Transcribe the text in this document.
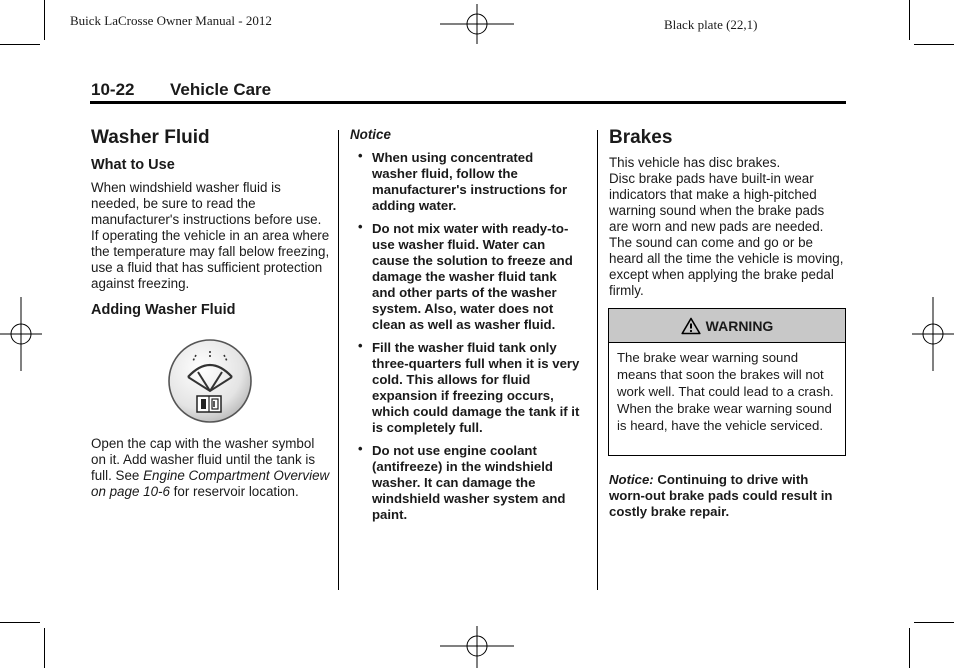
Buick LaCrosse Owner Manual - 2012	Black plate (22,1)
10-22 Vehicle Care
Washer Fluid
What to Use

When windshield washer fluid is needed, be sure to read the manufacturer's instructions before use. If operating the vehicle in an area where the temperature may fall below freezing, use a fluid that has sufficient protection against freezing.

Adding Washer Fluid

Open the cap with the washer symbol on it. Add washer fluid until the tank is full. See Engine Compartment Overview on page 10-6 for reservoir location.

Notice
• When using concentrated washer fluid, follow the manufacturer's instructions for adding water.
• Do not mix water with ready-to-use washer fluid. Water can cause the solution to freeze and damage the washer fluid tank and other parts of the washer system. Also, water does not clean as well as washer fluid.
• Fill the washer fluid tank only three-quarters full when it is very cold. This allows for fluid expansion if freezing occurs, which could damage the tank if it is completely full.
• Do not use engine coolant (antifreeze) in the windshield washer. It can damage the windshield washer system and paint.
Brakes

This vehicle has disc brakes.

Disc brake pads have built-in wear indicators that make a high-pitched warning sound when the brake pads are worn and new pads are needed. The sound can come and go or be heard all the time the vehicle is moving, except when applying the brake pedal firmly.

WARNING
The brake wear warning sound means that soon the brakes will not work well. That could lead to a crash. When the brake wear warning sound is heard, have the vehicle serviced.
Notice: Continuing to drive with worn-out brake pads could result in costly brake repair.
